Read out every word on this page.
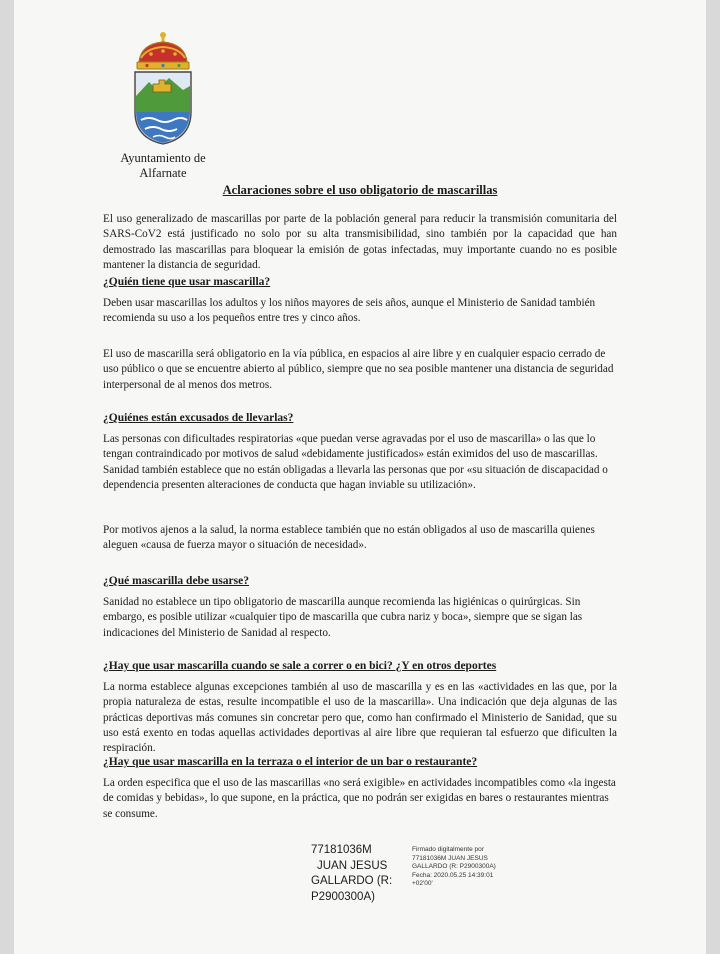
Ayuntamiento de
Alfarnate
Aclaraciones sobre el uso obligatorio de mascarillas
El uso generalizado de mascarillas por parte de la población general para reducir la transmisión comunitaria del SARS-CoV2 está justificado no solo por su alta transmisibilidad, sino también por la capacidad que han demostrado las mascarillas para bloquear la emisión de gotas infectadas, muy importante cuando no es posible mantener la distancia de seguridad.
¿Quién tiene que usar mascarilla?
Deben usar mascarillas los adultos y los niños mayores de seis años, aunque el Ministerio de Sanidad también recomienda su uso a los pequeños entre tres y cinco años.
El uso de mascarilla será obligatorio en la vía pública, en espacios al aire libre y en cualquier espacio cerrado de uso público o que se encuentre abierto al público, siempre que no sea posible mantener una distancia de seguridad interpersonal de al menos dos metros.
¿Quiénes están excusados de llevarlas?
Las personas con dificultades respiratorias «que puedan verse agravadas por el uso de mascarilla» o las que lo tengan contraindicado por motivos de salud «debidamente justificados» están eximidos del uso de mascarillas. Sanidad también establece que no están obligadas a llevarla las personas que por «su situación de discapacidad o dependencia presenten alteraciones de conducta que hagan inviable su utilización».
Por motivos ajenos a la salud, la norma establece también que no están obligados al uso de mascarilla quienes aleguen «causa de fuerza mayor o situación de necesidad».
¿Qué mascarilla debe usarse?
Sanidad no establece un tipo obligatorio de mascarilla aunque recomienda las higiénicas o quirúrgicas. Sin embargo, es posible utilizar «cualquier tipo de mascarilla que cubra nariz y boca», siempre que se sigan las indicaciones del Ministerio de Sanidad al respecto.
¿Hay que usar mascarilla cuando se sale a correr o en bici? ¿Y en otros deportes
La norma establece algunas excepciones también al uso de mascarilla y es en las «actividades en las que, por la propia naturaleza de estas, resulte incompatible el uso de la mascarilla». Una indicación que deja algunas de las prácticas deportivas más comunes sin concretar pero que, como han confirmado el Ministerio de Sanidad, que su uso está exento en todas aquellas actividades deportivas al aire libre que requieran tal esfuerzo que dificulten la respiración.
¿Hay que usar mascarilla en la terraza o el interior de un bar o restaurante?
La orden especifica que el uso de las mascarillas «no será exigible» en actividades incompatibles como «la ingesta de comidas y bebidas», lo que supone, en la práctica, que no podrán ser exigidas en bares o restaurantes mientras se consume.
77181036M
JUAN JESUS
GALLARDO (R:
P2900300A)
Firmado digitalmente por
77181036M JUAN JESUS
GALLARDO (R: P2900300A)
Fecha: 2020.05.25 14:39:01
+02'00'
